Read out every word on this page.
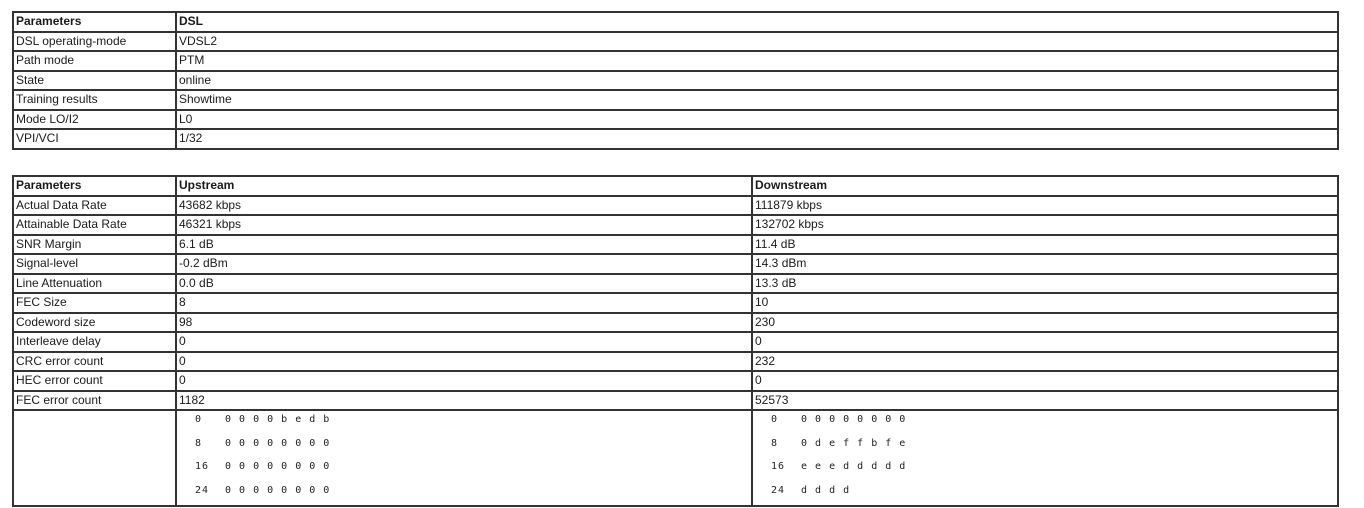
Parameters	DSL
DSL operating-mode	VDSL2
Path mode	PTM
State	online
Training results	Showtime
Mode LO/I2	L0
VPI/VCI	1/32
Parameters	Upstream	Downstream
Actual Data Rate	43682 kbps	111879 kbps
Attainable Data Rate	46321 kbps	132702 kbps
SNR Margin	6.1 dB	11.4 dB
Signal-level	-0.2 dBm	14.3 dBm
Line Attenuation	0.0 dB	13.3 dB
FEC Size	8	10
Codeword size	98	230
Interleave delay	0	0
CRC error count	0	232
HEC error count	0	0
FEC error count	1182	52573

0	0 0 0 0 b e d b
8	0 0 0 0 0 0 0 0
16	0 0 0 0 0 0 0 0
24	0 0 0 0 0 0 0 0

0	0 0 0 0 0 0 0 0
8	0 d e f f b f e
16	e e e d d d d d
24	d d d d
